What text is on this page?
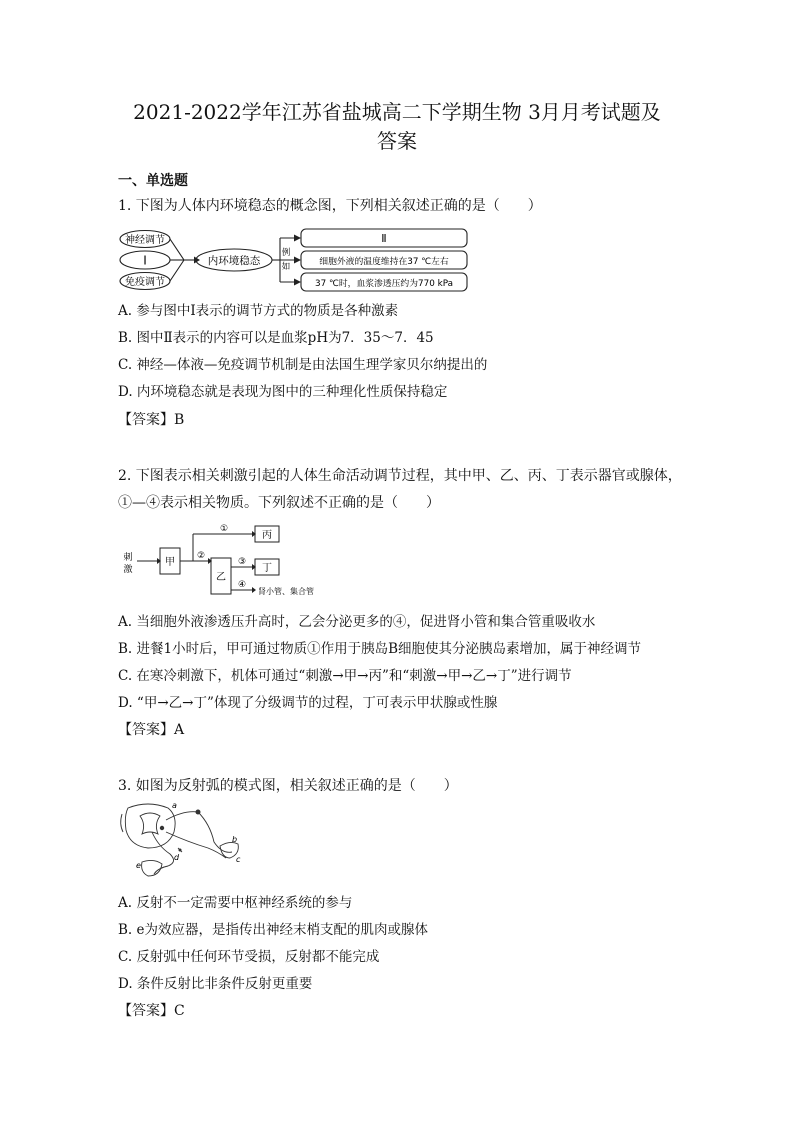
2021-2022学年江苏省盐城高二下学期生物 3月月考试题及
答案
一、单选题
1. 下图为人体内环境稳态的概念图，下列相关叙述正确的是（　　）
神经调节
Ⅰ
免疫调节
内环境稳态
例
如
Ⅱ
细胞外液的温度维持在37 ℃左右
37 ℃时，血浆渗透压约为770 kPa
A. 参与图中Ⅰ表示的调节方式的物质是各种激素
B. 图中Ⅱ表示的内容可以是血浆pH为7．35～7．45
C. 神经—体液—免疫调节机制是由法国生理学家贝尔纳提出的
D. 内环境稳态就是表现为图中的三种理化性质保持稳定
【答案】B
2. 下图表示相关刺激引起的人体生命活动调节过程，其中甲、乙、丙、丁表示器官或腺体，
①—④表示相关物质。下列叙述不正确的是（　　）
刺
激
甲
乙
丙
丁
①
②
③
④
肾小管、集合管
A. 当细胞外液渗透压升高时，乙会分泌更多的④，促进肾小管和集合管重吸收水
B. 进餐1小时后，甲可通过物质①作用于胰岛B细胞使其分泌胰岛素增加，属于神经调节
C. 在寒冷刺激下，机体可通过“刺激→甲→丙”和“刺激→甲→乙→丁”进行调节
D. “甲→乙→丁”体现了分级调节的过程，丁可表示甲状腺或性腺
【答案】A
3. 如图为反射弧的模式图，相关叙述正确的是（　　）
a
b
c
d
e
A. 反射不一定需要中枢神经系统的参与
B. e为效应器，是指传出神经末梢支配的肌肉或腺体
C. 反射弧中任何环节受损，反射都不能完成
D. 条件反射比非条件反射更重要
【答案】C
